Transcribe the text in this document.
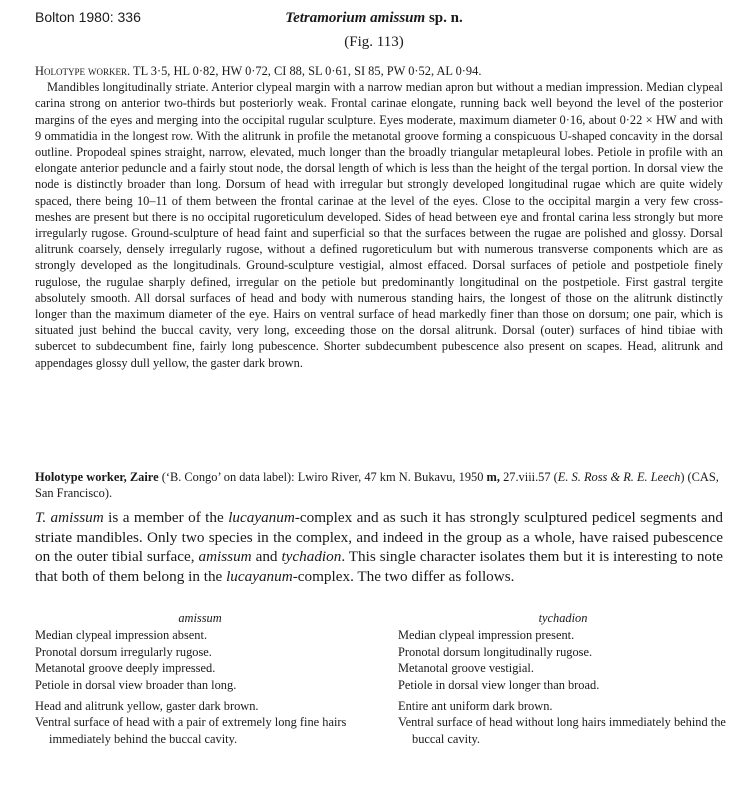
Bolton 1980: 336	Tetramorium amissum sp. n.
(Fig. 113)

Holotype worker. TL 3·5, HL 0·82, HW 0·72, CI 88, SL 0·61, SI 85, PW 0·52, AL 0·94.

Mandibles longitudinally striate. Anterior clypeal margin with a narrow median apron but without a median impression. Median clypeal carina strong on anterior two-thirds but posteriorly weak. Frontal carinae elongate, running back well beyond the level of the posterior margins of the eyes and merging into the occipital rugular sculpture. Eyes moderate, maximum diameter 0·16, about 0·22 × HW and with 9 ommatidia in the longest row. With the alitrunk in profile the metanotal groove forming a conspicuous U-shaped concavity in the dorsal outline. Propodeal spines straight, narrow, elevated, much longer than the broadly triangular metapleural lobes. Petiole in profile with an elongate anterior peduncle and a fairly stout node, the dorsal length of which is less than the height of the tergal portion. In dorsal view the node is distinctly broader than long. Dorsum of head with irregular but strongly developed longitudinal rugae which are quite widely spaced, there being 10–11 of them between the frontal carinae at the level of the eyes. Close to the occipital margin a very few cross-meshes are present but there is no occipital rugoreticulum developed. Sides of head between eye and frontal carina less strongly but more irregularly rugose. Ground-sculpture of head faint and superficial so that the surfaces between the rugae are polished and glossy. Dorsal alitrunk coarsely, densely irregularly rugose, without a defined rugoreticulum but with numerous transverse components which are as strongly developed as the longitudinals. Ground-sculpture vestigial, almost effaced. Dorsal surfaces of petiole and postpetiole finely rugulose, the rugulae sharply defined, irregular on the petiole but predominantly longitudinal on the postpetiole. First gastral tergite absolutely smooth. All dorsal surfaces of head and body with numerous standing hairs, the longest of those on the alitrunk distinctly longer than the maximum diameter of the eye. Hairs on ventral surface of head markedly finer than those on dorsum; one pair, which is situated just behind the buccal cavity, very long, exceeding those on the dorsal alitrunk. Dorsal (outer) surfaces of hind tibiae with subercet to subdecumbent fine, fairly long pubescence. Shorter subdecumbent pubescence also present on scapes. Head, alitrunk and appendages glossy dull yellow, the gaster dark brown.

Holotype worker, Zaire (‘B. Congo’ on data label): Lwiro River, 47 km N. Bukavu, 1950 m, 27.viii.57 (E. S. Ross & R. E. Leech) (CAS, San Francisco).
T. amissum is a member of the lucayanum-complex and as such it has strongly sculptured pedicel segments and striate mandibles. Only two species in the complex, and indeed in the group as a whole, have raised pubescence on the outer tibial surface, amissum and tychadion. This single character isolates them but it is interesting to note that both of them belong in the lucayanum-complex. The two differ as follows.
amissum
Median clypeal impression absent.
Pronotal dorsum irregularly rugose.
Metanotal groove deeply impressed.
Petiole in dorsal view broader than long.
Head and alitrunk yellow, gaster dark brown.
Ventral surface of head with a pair of extremely long fine hairs immediately behind the buccal cavity.
tychadion
Median clypeal impression present.
Pronotal dorsum longitudinally rugose.
Metanotal groove vestigial.
Petiole in dorsal view longer than broad.
Entire ant uniform dark brown.
Ventral surface of head without long hairs immediately behind the buccal cavity.
